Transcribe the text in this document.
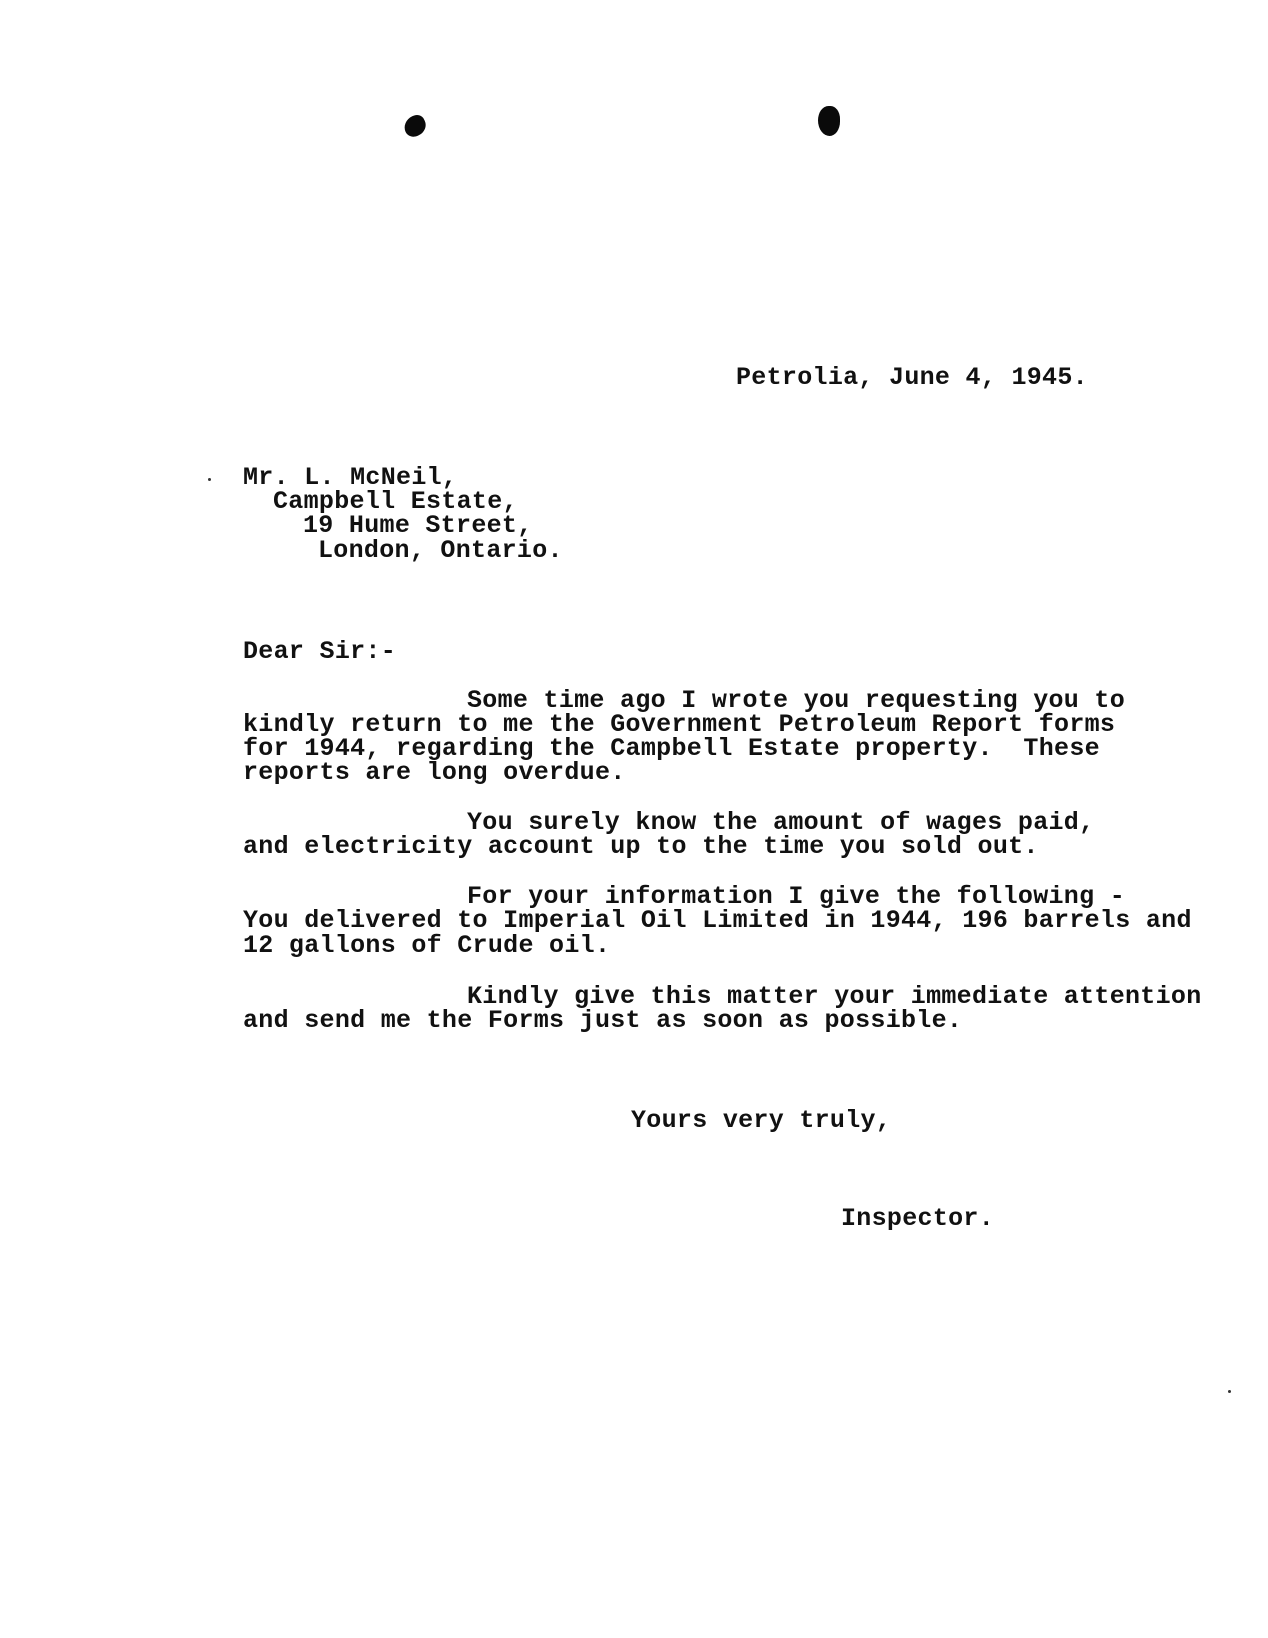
Petrolia, June 4, 1945.
Mr. L. McNeil,
Campbell Estate,
19 Hume Street,
London, Ontario.
Dear Sir:-
Some time ago I wrote you requesting you to
kindly return to me the Government Petroleum Report forms
for 1944, regarding the Campbell Estate property.  These
reports are long overdue.
You surely know the amount of wages paid,
and electricity account up to the time you sold out.
For your information I give the following -
You delivered to Imperial Oil Limited in 1944, 196 barrels and
12 gallons of Crude oil.
Kindly give this matter your immediate attention
and send me the Forms just as soon as possible.
Yours very truly,
Inspector.
